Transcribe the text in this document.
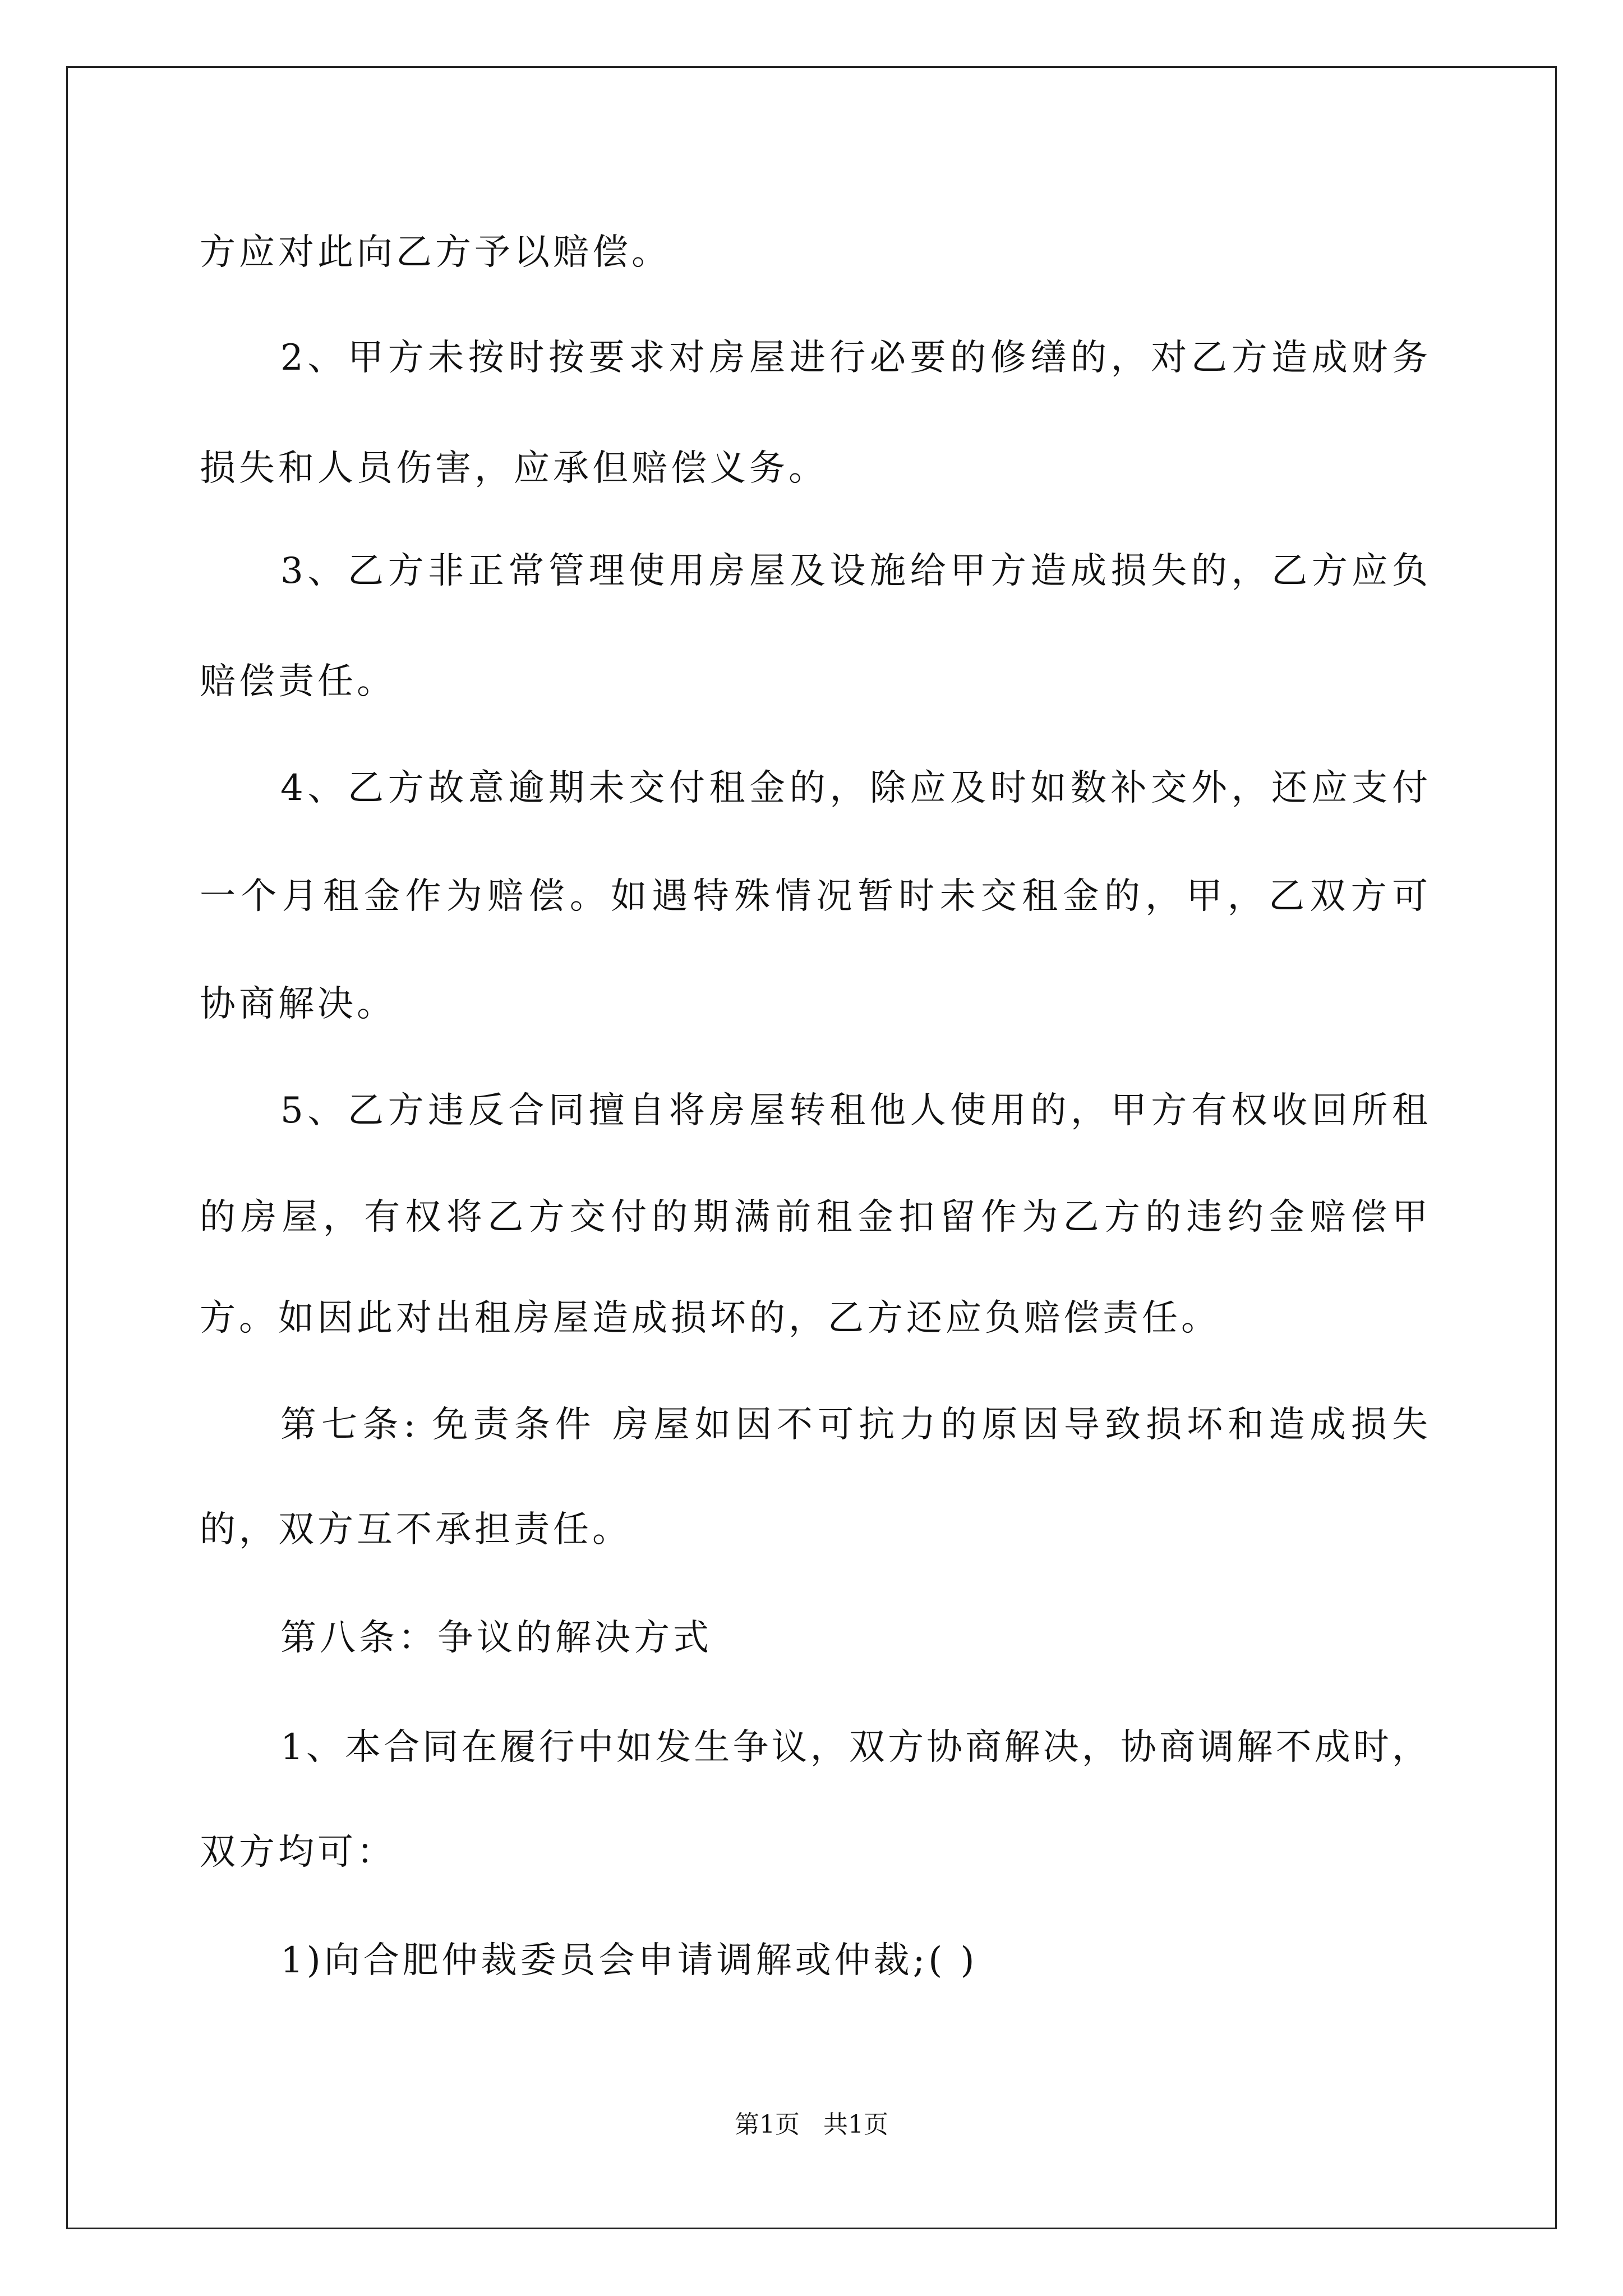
方应对此向乙方予以赔偿。

2、甲方未按时按要求对房屋进行必要的修缮的，对乙方造成财务

损失和人员伤害，应承但赔偿义务。

3、乙方非正常管理使用房屋及设施给甲方造成损失的，乙方应负

赔偿责任。

4、乙方故意逾期未交付租金的，除应及时如数补交外，还应支付

一个月租金作为赔偿。如遇特殊情况暂时未交租金的，甲，乙双方可

协商解决。

5、乙方违反合同擅自将房屋转租他人使用的，甲方有权收回所租

的房屋，有权将乙方交付的期满前租金扣留作为乙方的违约金赔偿甲

方。如因此对出租房屋造成损坏的，乙方还应负赔偿责任。

第七条: 免责条件 房屋如因不可抗力的原因导致损坏和造成损失

的，双方互不承担责任。

第八条：争议的解决方式

1、本合同在履行中如发生争议，双方协商解决，协商调解不成时，

双方均可：

1)向合肥仲裁委员会申请调解或仲裁;( )

第1页   共1页
